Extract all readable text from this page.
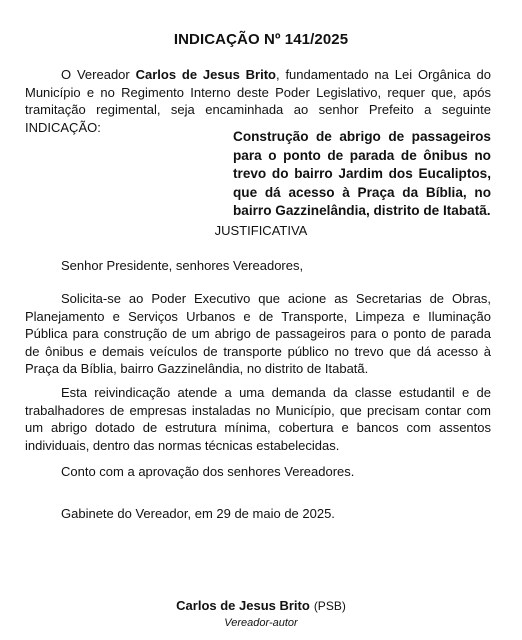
INDICAÇÃO Nº 141/2025

O Vereador Carlos de Jesus Brito, fundamentado na Lei Orgânica do Município e no Regimento Interno deste Poder Legislativo, requer que, após tramitação regimental, seja encaminhada ao senhor Prefeito a seguinte INDICAÇÃO:

Construção de abrigo de passageiros para o ponto de parada de ônibus no trevo do bairro Jardim dos Eucaliptos, que dá acesso à Praça da Bíblia, no bairro Gazzinelândia, distrito de Itabatã.

JUSTIFICATIVA

Senhor Presidente, senhores Vereadores,

Solicita-se ao Poder Executivo que acione as Secretarias de Obras, Planejamento e Serviços Urbanos e de Transporte, Limpeza e Iluminação Pública para construção de um abrigo de passageiros para o ponto de parada de ônibus e demais veículos de transporte público no trevo que dá acesso à Praça da Bíblia, bairro Gazzinelândia, no distrito de Itabatã.

Esta reivindicação atende a uma demanda da classe estudantil e de trabalhadores de empresas instaladas no Município, que precisam contar com um abrigo dotado de estrutura mínima, cobertura e bancos com assentos individuais, dentro das normas técnicas estabelecidas.

Conto com a aprovação dos senhores Vereadores.

Gabinete do Vereador, em 29 de maio de 2025.

Carlos de Jesus Brito (PSB)
Vereador-autor
